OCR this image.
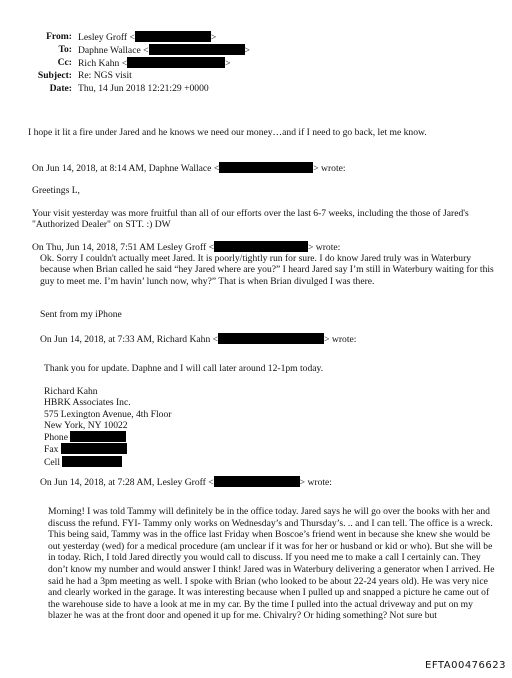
From: Lesley Groff <	>
To: Daphne Wallace <	>
Cc: Rich Kahn <	>
Subject: Re: NGS visit
Date: Thu, 14 Jun 2018 12:21:29 +0000
I hope it lit a fire under Jared and he knows we need our money…and if I need to go back, let me know.
On Jun 14, 2018, at 8:14 AM, Daphne Wallace <	> wrote:
Greetings L,
Your visit yesterday was more fruitful than all of our efforts over the last 6-7 weeks, including the those of Jared's "Authorized Dealer" on STT. :) DW
On Thu, Jun 14, 2018, 7:51 AM Lesley Groff <	> wrote:
Ok. Sorry I couldn't actually meet Jared. It is poorly/tightly run for sure. I do know Jared truly was in Waterbury because when Brian called he said “hey Jared where are you?” I heard Jared say I’m still in Waterbury waiting for this guy to meet me. I’m havin’ lunch now, why?” That is when Brian divulged I was there.
Sent from my iPhone
On Jun 14, 2018, at 7:33 AM, Richard Kahn <	> wrote:
Thank you for update. Daphne and I will call later around 12-1pm today.

Richard Kahn

HBRK Associates Inc.

575 Lexington Avenue, 4th Floor

New York, NY 10022

Phone

Fax

Cell

On Jun 14, 2018, at 7:28 AM, Lesley Groff <	> wrote:
Morning! I was told Tammy will definitely be in the office today. Jared says he will go over the books with her and discuss the refund. FYI- Tammy only works on Wednesday’s and Thursday’s. .. and I can tell. The office is a wreck. This being said, Tammy was in the office last Friday when Boscoe’s friend went in because she knew she would be out yesterday (wed) for a medical procedure (am unclear if it was for her or husband or kid or who). But she will be in today. Rich, I told Jared directly you would call to discuss. If you need me to make a call I certainly can. They don’t know my number and would answer I think! Jared was in Waterbury delivering a generator when I arrived. He said he had a 3pm meeting as well. I spoke with Brian (who looked to be about 22-24 years old). He was very nice and clearly worked in the garage. It was interesting because when I pulled up and snapped a picture he came out of the warehouse side to have a look at me in my car. By the time I pulled into the actual driveway and put on my blazer he was at the front door and opened it up for me. Chivalry? Or hiding something? Not sure but
EFTA00476623
